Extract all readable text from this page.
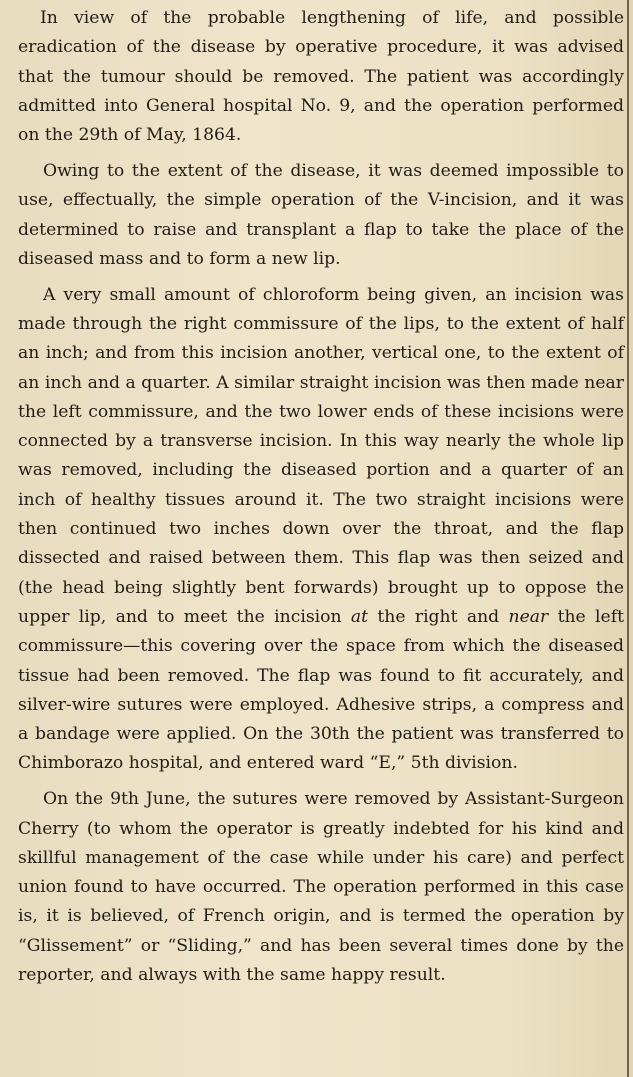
In view of the probable lengthening of life, and possible eradication of the disease by operative procedure, it was advised that the tumour should be removed. The patient was accordingly admitted into General hospital No. 9, and the operation performed on the 29th of May, 1864.

Owing to the extent of the disease, it was deemed impossible to use, effectually, the simple operation of the V-incision, and it was determined to raise and transplant a flap to take the place of the diseased mass and to form a new lip.

A very small amount of chloroform being given, an incision was made through the right commissure of the lips, to the extent of half an inch; and from this incision another, vertical one, to the extent of an inch and a quarter. A similar straight incision was then made near the left commissure, and the two lower ends of these incisions were connected by a transverse incision. In this way nearly the whole lip was removed, including the diseased portion and a quarter of an inch of healthy tissues around it. The two straight incisions were then continued two inches down over the throat, and the flap dissected and raised between them. This flap was then seized and (the head being slightly bent forwards) brought up to oppose the upper lip, and to meet the incision at the right and near the left commissure—this covering over the space from which the diseased tissue had been removed. The flap was found to fit accurately, and silver-wire sutures were employed. Adhesive strips, a compress and a bandage were applied. On the 30th the patient was transferred to Chimborazo hospital, and entered ward “E,” 5th division.

On the 9th June, the sutures were removed by Assistant-Surgeon Cherry (to whom the operator is greatly indebted for his kind and skillful management of the case while under his care) and perfect union found to have occurred. The operation performed in this case is, it is believed, of French origin, and is termed the operation by “Glissement” or “Sliding,” and has been several times done by the reporter, and always with the same happy result.
